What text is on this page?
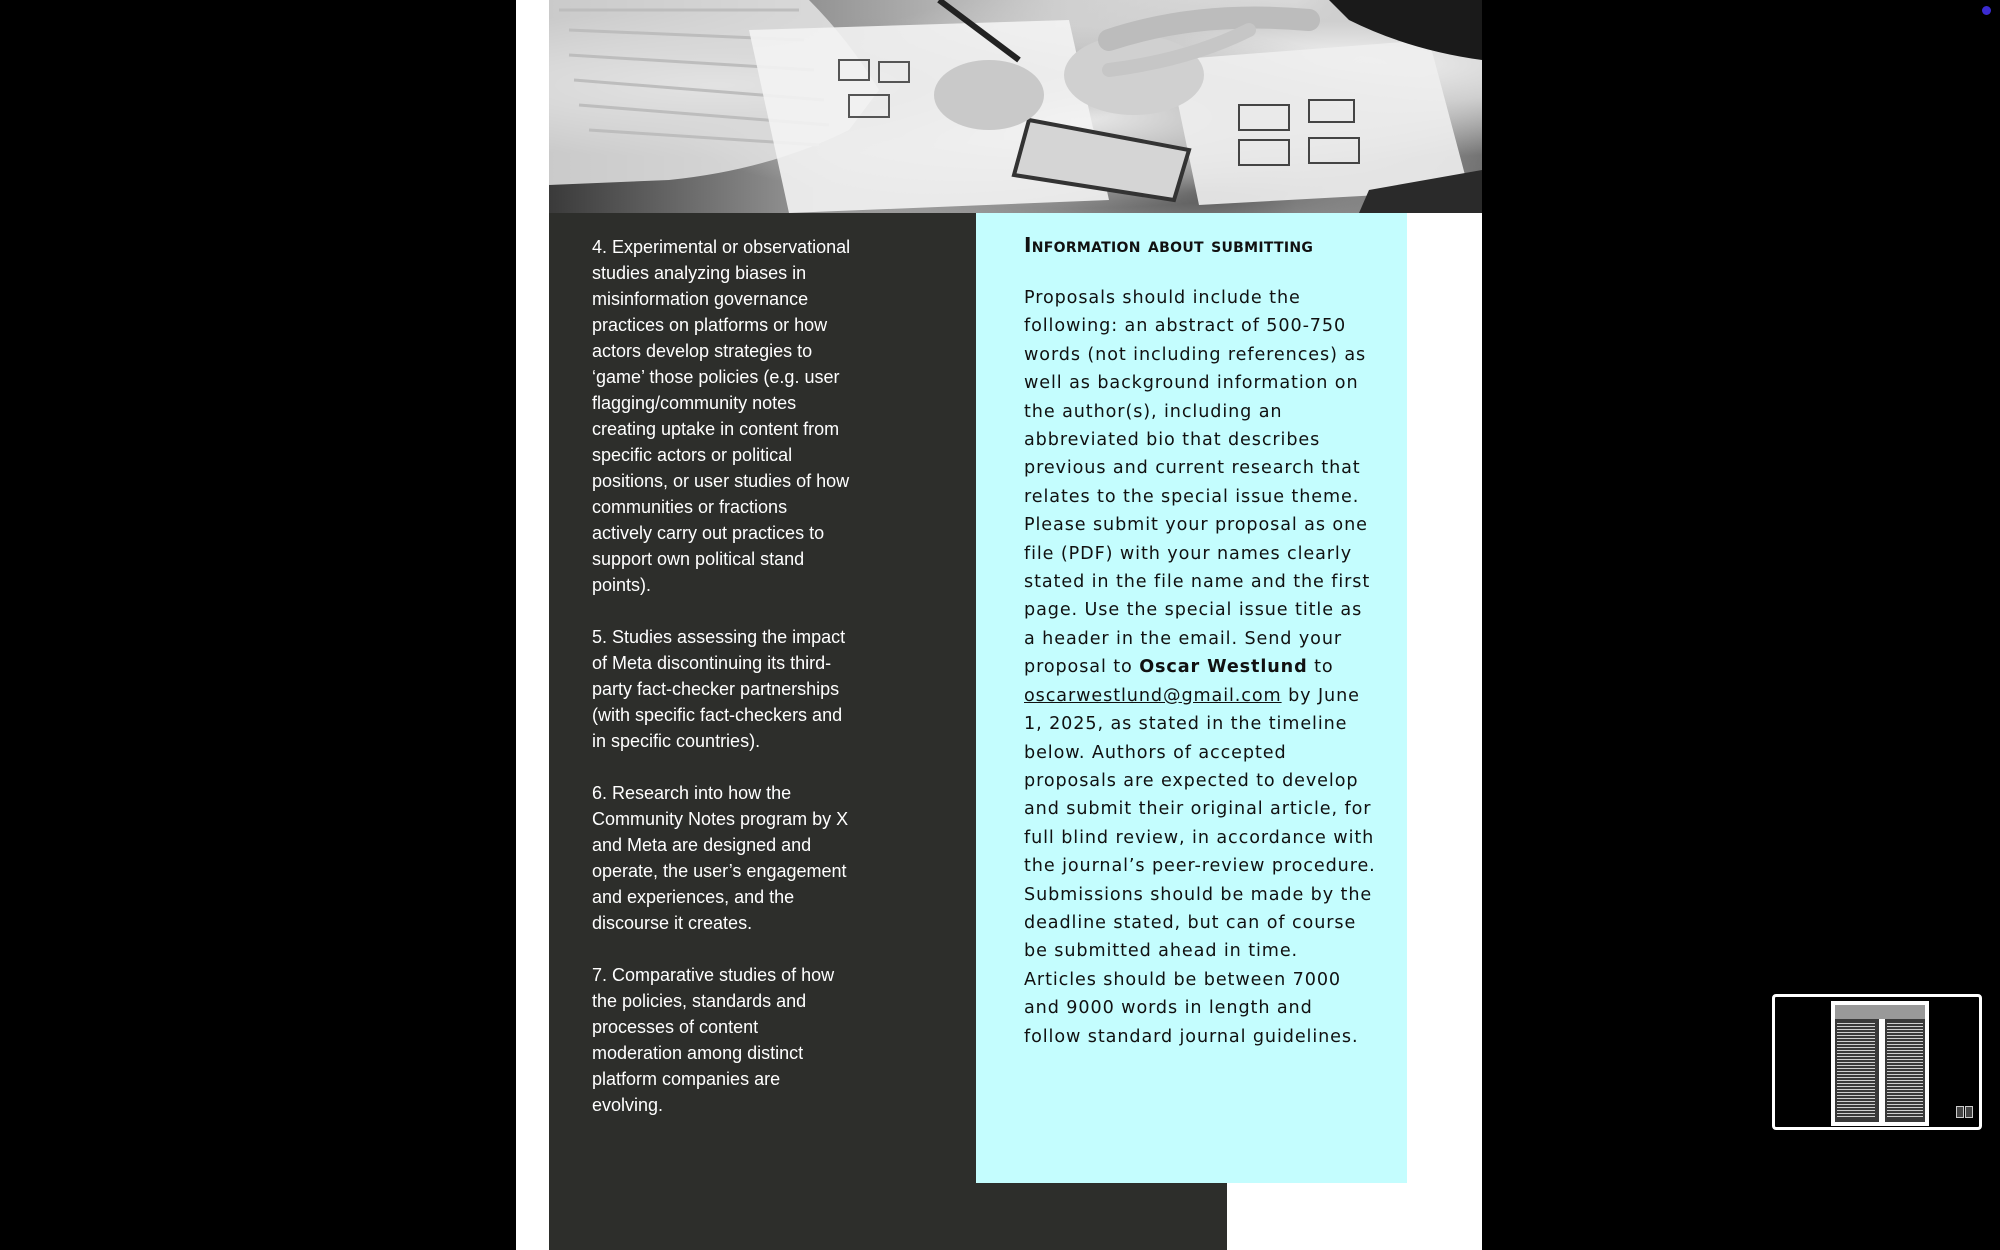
4. Experimental or observational studies analyzing biases in misinformation governance practices on platforms or how actors develop strategies to ‘game’ those policies (e.g. user flagging/community notes creating uptake in content from specific actors or political positions, or user studies of how communities or fractions actively carry out practices to support own political stand points).

5. Studies assessing the impact of Meta discontinuing its third-party fact-checker partnerships (with specific fact-checkers and in specific countries).

6. Research into how the Community Notes program by X and Meta are designed and operate, the user’s engagement and experiences, and the discourse it creates.

7. Comparative studies of how the policies, standards and processes of content moderation among distinct platform companies are evolving.

Information about submitting
Proposals should include the following: an abstract of 500-750 words (not including references) as well as background information on the author(s), including an abbreviated bio that describes previous and current research that relates to the special issue theme. Please submit your proposal as one file (PDF) with your names clearly stated in the file name and the first page. Use the special issue title as a header in the email. Send your proposal to Oscar Westlund to oscarwestlund@gmail.com by June 1, 2025, as stated in the timeline below. Authors of accepted proposals are expected to develop and submit their original article, for full blind review, in accordance with the journal’s peer-review procedure. Submissions should be made by the deadline stated, but can of course be submitted ahead in time. Articles should be between 7000 and 9000 words in length and follow standard journal guidelines.
